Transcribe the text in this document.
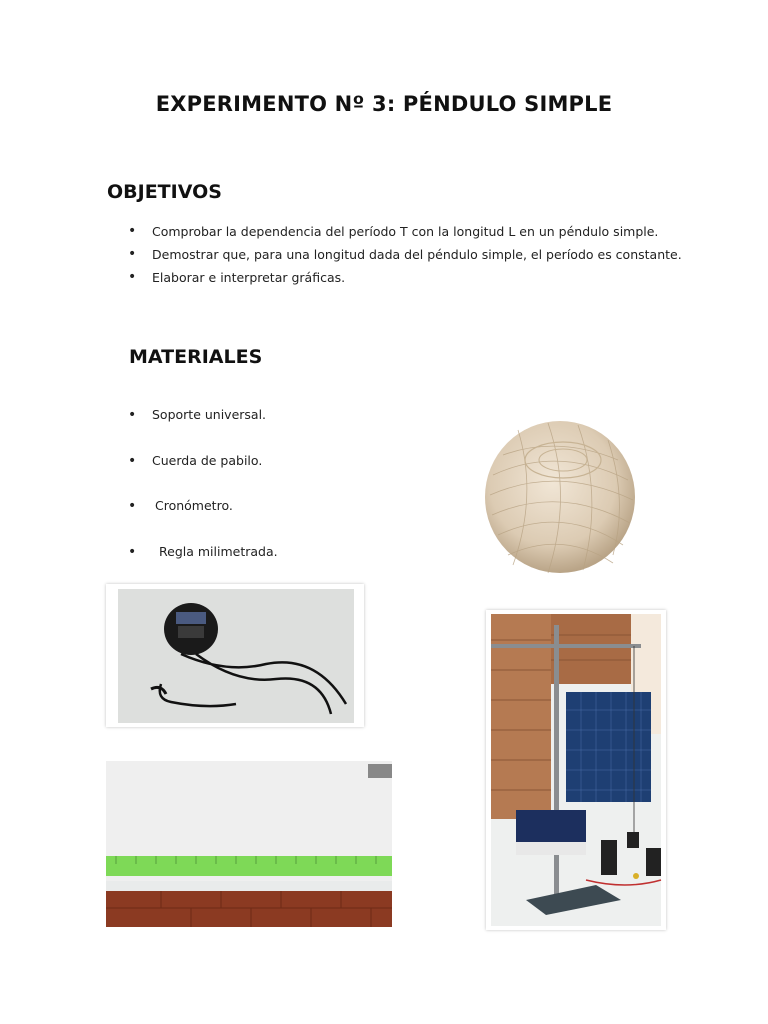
EXPERIMENTO Nº 3: PÉNDULO SIMPLE
OBJETIVOS
• Comprobar la dependencia del período T con la longitud L en un péndulo simple.
• Demostrar que, para una longitud dada del péndulo simple, el período es constante.
• Elaborar e interpretar gráficas.
MATERIALES
• Soporte universal.
• Cuerda de pabilo.
• Cronómetro.
• Regla milimetrada.
